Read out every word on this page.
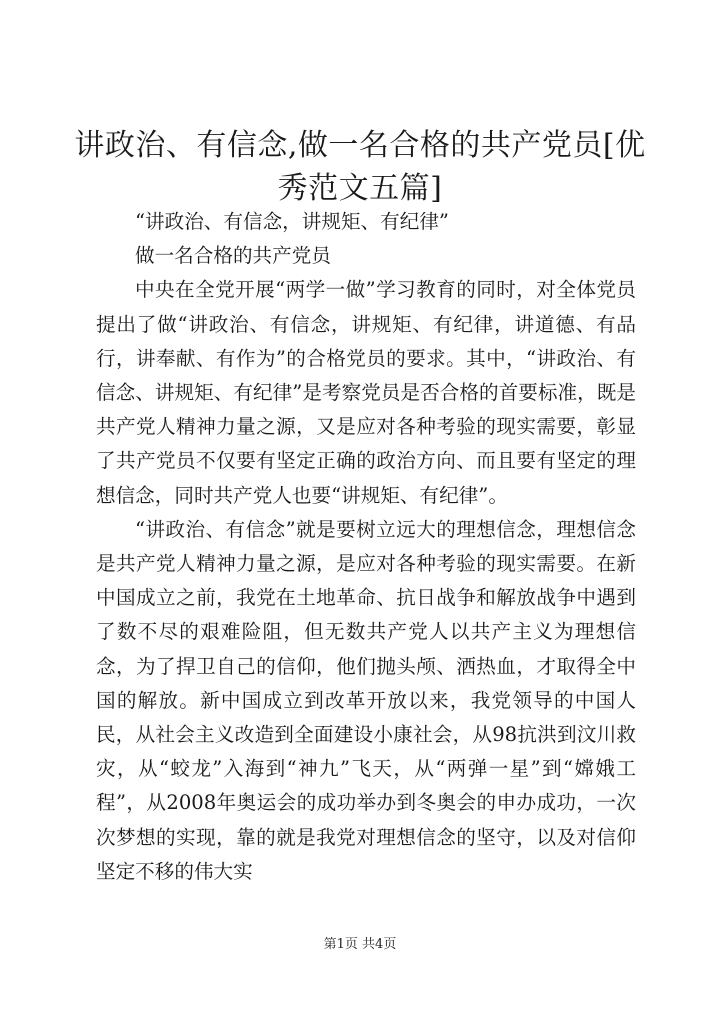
讲政治、有信念,做一名合格的共产党员[优秀范文五篇]

“讲政治、有信念，讲规矩、有纪律”

做一名合格的共产党员

中央在全党开展“两学一做”学习教育的同时，对全体党员提出了做“讲政治、有信念，讲规矩、有纪律，讲道德、有品行，讲奉献、有作为”的合格党员的要求。其中，“讲政治、有信念、讲规矩、有纪律”是考察党员是否合格的首要标准，既是共产党人精神力量之源，又是应对各种考验的现实需要，彰显了共产党员不仅要有坚定正确的政治方向、而且要有坚定的理想信念，同时共产党人也要“讲规矩、有纪律”。

“讲政治、有信念”就是要树立远大的理想信念，理想信念是共产党人精神力量之源，是应对各种考验的现实需要。在新中国成立之前，我党在土地革命、抗日战争和解放战争中遇到了数不尽的艰难险阻，但无数共产党人以共产主义为理想信念，为了捍卫自己的信仰，他们抛头颅、洒热血，才取得全中国的解放。新中国成立到改革开放以来，我党领导的中国人民，从社会主义改造到全面建设小康社会，从98抗洪到汶川救灾，从“蛟龙”入海到“神九”飞天，从“两弹一星”到“嫦娥工程”，从2008年奥运会的成功举办到冬奥会的申办成功，一次次梦想的实现，靠的就是我党对理想信念的坚守，以及对信仰坚定不移的伟大实

第1页 共4页
